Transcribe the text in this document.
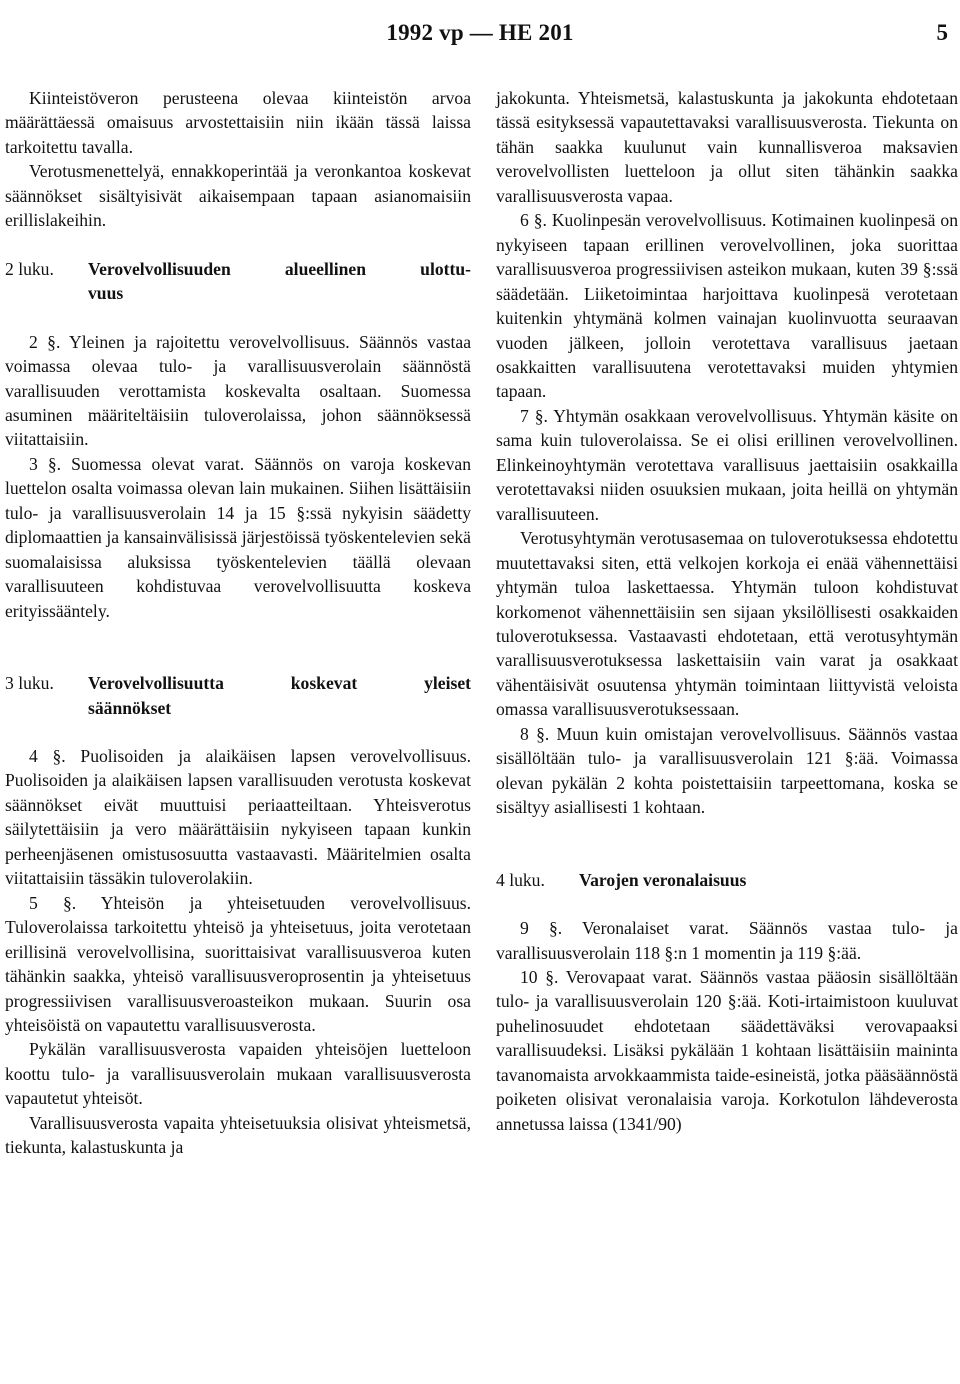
1992 vp — HE 201	5

Kiinteistöveron perusteena olevaa kiinteistön arvoa määrättäessä omaisuus arvostettaisiin niin ikään tässä laissa tarkoitettu tavalla.

Verotusmenettelyä, ennakkoperintää ja veronkantoa koskevat säännökset sisältyisivät aikaisempaan tapaan asianomaisiin erillislakeihin.

2 luku.	Verovelvollisuuden alueellinen ulottu-
vuus

2 §. Yleinen ja rajoitettu verovelvollisuus. Säännös vastaa voimassa olevaa tulo- ja varallisuusverolain säännöstä varallisuuden verottamista koskevalta osaltaan. Suomessa asuminen määriteltäisiin tuloverolaissa, johon säännöksessä viitattaisiin.

3 §. Suomessa olevat varat. Säännös on varoja koskevan luettelon osalta voimassa olevan lain mukainen. Siihen lisättäisiin tulo- ja varallisuusverolain 14 ja 15 §:ssä nykyisin säädetty diplomaattien ja kansainvälisissä järjestöissä työskentelevien sekä suomalaisissa aluksissa työskentelevien täällä olevaan varallisuuteen kohdistuvaa verovelvollisuutta koskeva erityissääntely.

3 luku.	Verovelvollisuutta koskevat yleiset
säännökset

4 §. Puolisoiden ja alaikäisen lapsen verovelvollisuus. Puolisoiden ja alaikäisen lapsen varallisuuden verotusta koskevat säännökset eivät muuttuisi periaatteiltaan. Yhteisverotus säilytettäisiin ja vero määrättäisiin nykyiseen tapaan kunkin perheenjäsenen omistusosuutta vastaavasti. Määritelmien osalta viitattaisiin tässäkin tuloverolakiin.

5 §. Yhteisön ja yhteisetuuden verovelvollisuus. Tuloverolaissa tarkoitettu yhteisö ja yhteisetuus, joita verotetaan erillisinä verovelvollisina, suorittaisivat varallisuusveroa kuten tähänkin saakka, yhteisö varallisuusveroprosentin ja yhteisetuus progressiivisen varallisuusveroasteikon mukaan. Suurin osa yhteisöistä on vapautettu varallisuusverosta.

Pykälän varallisuusverosta vapaiden yhteisöjen luetteloon koottu tulo- ja varallisuusverolain mukaan varallisuusverosta vapautetut yhteisöt.

Varallisuusverosta vapaita yhteisetuuksia olisivat yhteismetsä, tiekunta, kalastuskunta ja

jakokunta. Yhteismetsä, kalastuskunta ja jakokunta ehdotetaan tässä esityksessä vapautettavaksi varallisuusverosta. Tiekunta on tähän saakka kuulunut vain kunnallisveroa maksavien verovelvollisten luetteloon ja ollut siten tähänkin saakka varallisuusverosta vapaa.

6 §. Kuolinpesän verovelvollisuus. Kotimainen kuolinpesä on nykyiseen tapaan erillinen verovelvollinen, joka suorittaa varallisuusveroa progressiivisen asteikon mukaan, kuten 39 §:ssä säädetään. Liiketoimintaa harjoittava kuolinpesä verotetaan kuitenkin yhtymänä kolmen vainajan kuolinvuotta seuraavan vuoden jälkeen, jolloin verotettava varallisuus jaetaan osakkaitten varallisuutena verotettavaksi muiden yhtymien tapaan.

7 §. Yhtymän osakkaan verovelvollisuus. Yhtymän käsite on sama kuin tuloverolaissa. Se ei olisi erillinen verovelvollinen. Elinkeinoyhtymän verotettava varallisuus jaettaisiin osakkailla verotettavaksi niiden osuuksien mukaan, joita heillä on yhtymän varallisuuteen.

Verotusyhtymän verotusasemaa on tuloverotuksessa ehdotettu muutettavaksi siten, että velkojen korkoja ei enää vähennettäisi yhtymän tuloa laskettaessa. Yhtymän tuloon kohdistuvat korkomenot vähennettäisiin sen sijaan yksilöllisesti osakkaiden tuloverotuksessa. Vastaavasti ehdotetaan, että verotusyhtymän varallisuusverotuksessa laskettaisiin vain varat ja osakkaat vähentäisivät osuutensa yhtymän toimintaan liittyvistä veloista omassa varallisuusverotuksessaan.

8 §. Muun kuin omistajan verovelvollisuus. Säännös vastaa sisällöltään tulo- ja varallisuusverolain 121 §:ää. Voimassa olevan pykälän 2 kohta poistettaisiin tarpeettomana, koska se sisältyy asiallisesti 1 kohtaan.

4 luku.	Varojen veronalaisuus

9 §. Veronalaiset varat. Säännös vastaa tulo- ja varallisuusverolain 118 §:n 1 momentin ja 119 §:ää.

10 §. Verovapaat varat. Säännös vastaa pääosin sisällöltään tulo- ja varallisuusverolain 120 §:ää. Koti-irtaimistoon kuuluvat puhelinosuudet ehdotetaan säädettäväksi verovapaaksi varallisuudeksi. Lisäksi pykälään 1 kohtaan lisättäisiin maininta tavanomaista arvokkaammista taide-esineistä, jotka pääsäännöstä poiketen olisivat veronalaisia varoja. Korkotulon lähdeverosta annetussa laissa (1341/90)
